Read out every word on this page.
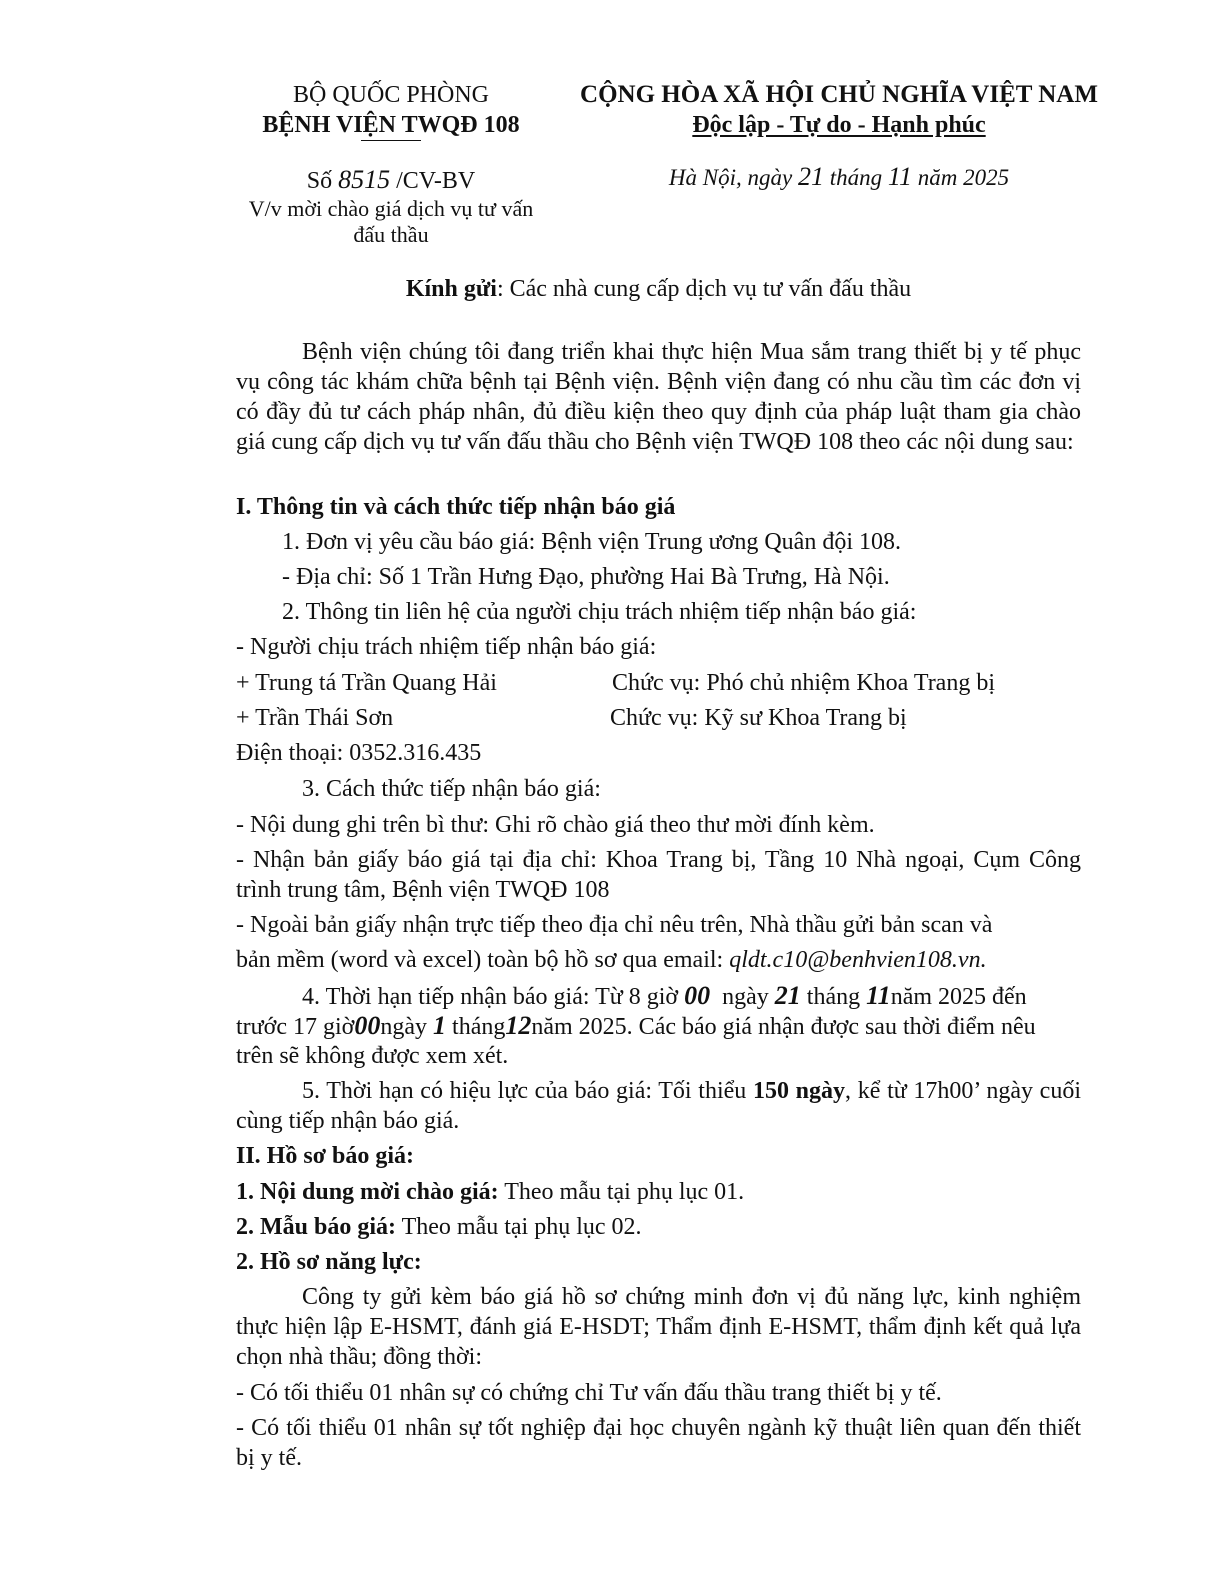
BỘ QUỐC PHÒNG
BỆNH VIỆN TWQĐ 108
Số 8515 /CV-BV
V/v mời chào giá dịch vụ tư vấn
đấu thầu
CỘNG HÒA XÃ HỘI CHỦ NGHĨA VIỆT NAM
Độc lập - Tự do - Hạnh phúc
Hà Nội, ngày 21 tháng 11 năm 2025
Kính gửi: Các nhà cung cấp dịch vụ tư vấn đấu thầu
Bệnh viện chúng tôi đang triển khai thực hiện Mua sắm trang thiết bị y tế phục vụ công tác khám chữa bệnh tại Bệnh viện. Bệnh viện đang có nhu cầu tìm các đơn vị có đầy đủ tư cách pháp nhân, đủ điều kiện theo quy định của pháp luật tham gia chào giá cung cấp dịch vụ tư vấn đấu thầu cho Bệnh viện TWQĐ 108 theo các nội dung sau:
I. Thông tin và cách thức tiếp nhận báo giá
1. Đơn vị yêu cầu báo giá: Bệnh viện Trung ương Quân đội 108.
- Địa chỉ: Số 1 Trần Hưng Đạo, phường Hai Bà Trưng, Hà Nội.
2. Thông tin liên hệ của người chịu trách nhiệm tiếp nhận báo giá:
- Người chịu trách nhiệm tiếp nhận báo giá:
+ Trung tá Trần Quang Hải	Chức vụ: Phó chủ nhiệm Khoa Trang bị
+ Trần Thái Sơn	Chức vụ: Kỹ sư Khoa Trang bị
Điện thoại: 0352.316.435
3. Cách thức tiếp nhận báo giá:
- Nội dung ghi trên bì thư: Ghi rõ chào giá theo thư mời đính kèm.
- Nhận bản giấy báo giá tại địa chỉ: Khoa Trang bị, Tầng 10 Nhà ngoại, Cụm Công trình trung tâm, Bệnh viện TWQĐ 108
- Ngoài bản giấy nhận trực tiếp theo địa chỉ nêu trên, Nhà thầu gửi bản scan và
bản mềm (word và excel) toàn bộ hồ sơ qua email: qldt.c10@benhvien108.vn.
4. Thời hạn tiếp nhận báo giá: Từ 8 giờ 00 ngày 21 tháng 11năm 2025 đến
trước 17 giờ00ngày 1 tháng12năm 2025. Các báo giá nhận được sau thời điểm nêu
trên sẽ không được xem xét.
5. Thời hạn có hiệu lực của báo giá: Tối thiểu 150 ngày, kể từ 17h00’ ngày cuối cùng tiếp nhận báo giá.
II. Hồ sơ báo giá:
1. Nội dung mời chào giá: Theo mẫu tại phụ lục 01.
2. Mẫu báo giá: Theo mẫu tại phụ lục 02.
2. Hồ sơ năng lực:
Công ty gửi kèm báo giá hồ sơ chứng minh đơn vị đủ năng lực, kinh nghiệm thực hiện lập E-HSMT, đánh giá E-HSDT; Thẩm định E-HSMT, thẩm định kết quả lựa chọn nhà thầu; đồng thời:
- Có tối thiểu 01 nhân sự có chứng chỉ Tư vấn đấu thầu trang thiết bị y tế.
- Có tối thiểu 01 nhân sự tốt nghiệp đại học chuyên ngành kỹ thuật liên quan đến thiết bị y tế.
